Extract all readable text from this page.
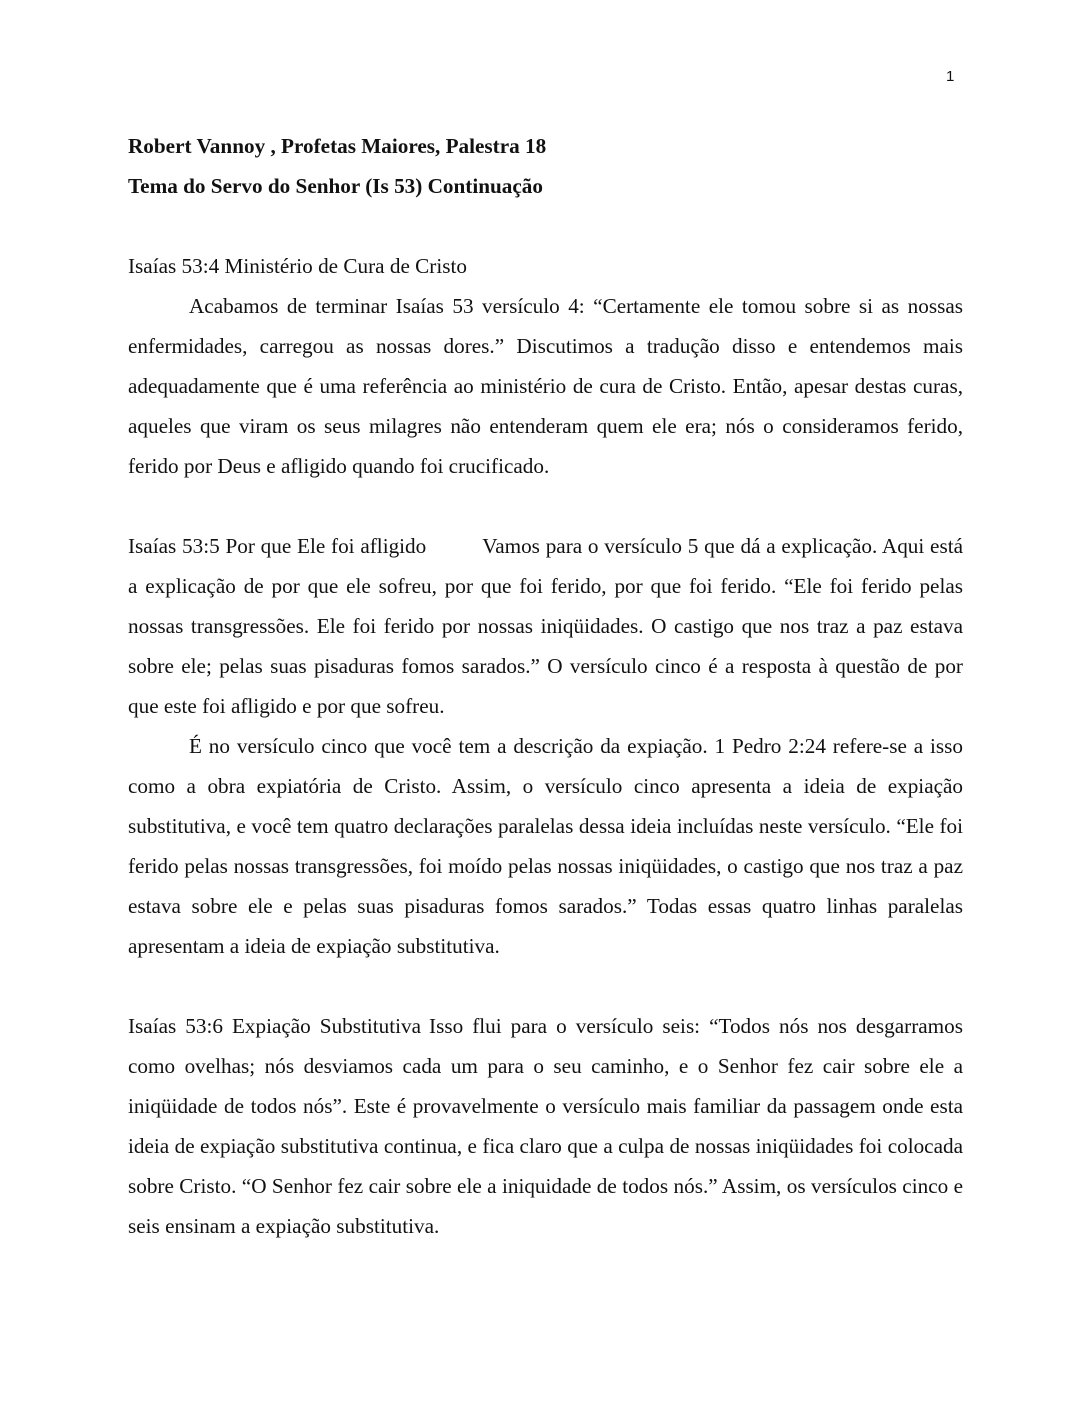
1

Robert Vannoy , Profetas Maiores, Palestra 18

Tema do Servo do Senhor (Is 53) Continuação

Isaías 53:4 Ministério de Cura de Cristo

Acabamos de terminar Isaías 53 versículo 4: “Certamente ele tomou sobre si as nossas enfermidades, carregou as nossas dores.” Discutimos a tradução disso e entendemos mais adequadamente que é uma referência ao ministério de cura de Cristo. Então, apesar destas curas, aqueles que viram os seus milagres não entenderam quem ele era; nós o consideramos ferido, ferido por Deus e afligido quando foi crucificado.

Isaías 53:5 Por que Ele foi afligido	Vamos para o versículo 5 que dá a explicação. Aqui está a explicação de por que ele sofreu, por que foi ferido, por que foi ferido. “Ele foi ferido pelas nossas transgressões. Ele foi ferido por nossas iniqüidades. O castigo que nos traz a paz estava sobre ele; pelas suas pisaduras fomos sarados.” O versículo cinco é a resposta à questão de por que este foi afligido e por que sofreu.

É no versículo cinco que você tem a descrição da expiação. 1 Pedro 2:24 refere-se a isso como a obra expiatória de Cristo. Assim, o versículo cinco apresenta a ideia de expiação substitutiva, e você tem quatro declarações paralelas dessa ideia incluídas neste versículo. “Ele foi ferido pelas nossas transgressões, foi moído pelas nossas iniqüidades, o castigo que nos traz a paz estava sobre ele e pelas suas pisaduras fomos sarados.” Todas essas quatro linhas paralelas apresentam a ideia de expiação substitutiva.

Isaías 53:6 Expiação Substitutiva Isso flui para o versículo seis: “Todos nós nos desgarramos como ovelhas; nós desviamos cada um para o seu caminho, e o Senhor fez cair sobre ele a iniqüidade de todos nós”. Este é provavelmente o versículo mais familiar da passagem onde esta ideia de expiação substitutiva continua, e fica claro que a culpa de nossas iniqüidades foi colocada sobre Cristo. “O Senhor fez cair sobre ele a iniquidade de todos nós.” Assim, os versículos cinco e seis ensinam a expiação substitutiva.
